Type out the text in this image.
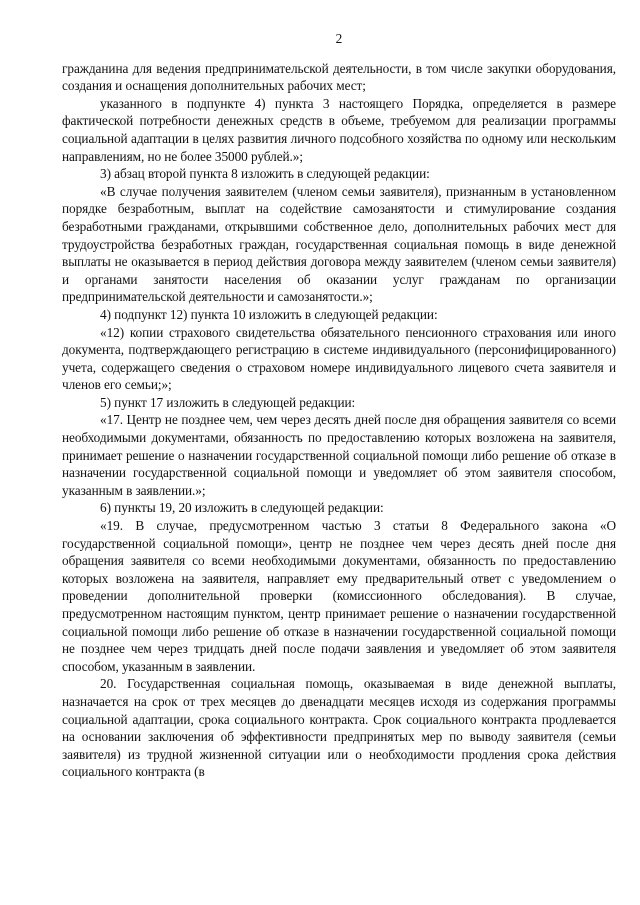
2

гражданина для ведения предпринимательской деятельности, в том числе закупки оборудования, создания и оснащения дополнительных рабочих мест;

указанного в подпункте 4) пункта 3 настоящего Порядка, определяется в размере фактической потребности денежных средств в объеме, требуемом для реализации программы социальной адаптации в целях развития личного подсобного хозяйства по одному или нескольким направлениям, но не более 35000 рублей.»;

3) абзац второй пункта 8 изложить в следующей редакции:

«В случае получения заявителем (членом семьи заявителя), признанным в установленном порядке безработным, выплат на содействие самозанятости и стимулирование создания безработными гражданами, открывшими собственное дело, дополнительных рабочих мест для трудоустройства безработных граждан, государственная социальная помощь в виде денежной выплаты не оказывается в период действия договора между заявителем (членом семьи заявителя) и органами занятости населения об оказании услуг гражданам по организации предпринимательской деятельности и самозанятости.»;

4) подпункт 12) пункта 10 изложить в следующей редакции:

«12) копии страхового свидетельства обязательного пенсионного страхования или иного документа, подтверждающего регистрацию в системе индивидуального (персонифицированного) учета, содержащего сведения о страховом номере индивидуального лицевого счета заявителя и членов его семьи;»;

5) пункт 17 изложить в следующей редакции:

«17. Центр не позднее чем, чем через десять дней после дня обращения заявителя со всеми необходимыми документами, обязанность по предоставлению которых возложена на заявителя, принимает решение о назначении государственной социальной помощи либо решение об отказе в назначении государственной социальной помощи и уведомляет об этом заявителя способом, указанным в заявлении.»;

6) пункты 19, 20 изложить в следующей редакции:

«19. В случае, предусмотренном частью 3 статьи 8 Федерального закона «О государственной социальной помощи», центр не позднее чем через десять дней после дня обращения заявителя со всеми необходимыми документами, обязанность по предоставлению которых возложена на заявителя, направляет ему предварительный ответ с уведомлением о проведении дополнительной проверки (комиссионного обследования). В случае, предусмотренном настоящим пунктом, центр принимает решение о назначении государственной социальной помощи либо решение об отказе в назначении государственной социальной помощи не позднее чем через тридцать дней после подачи заявления и уведомляет об этом заявителя способом, указанным в заявлении.

20. Государственная социальная помощь, оказываемая в виде денежной выплаты, назначается на срок от трех месяцев до двенадцати месяцев исходя из содержания программы социальной адаптации, срока социального контракта. Срок социального контракта продлевается на основании заключения об эффективности предпринятых мер по выводу заявителя (семьи заявителя) из трудной жизненной ситуации или о необходимости продления срока действия социального контракта (в
